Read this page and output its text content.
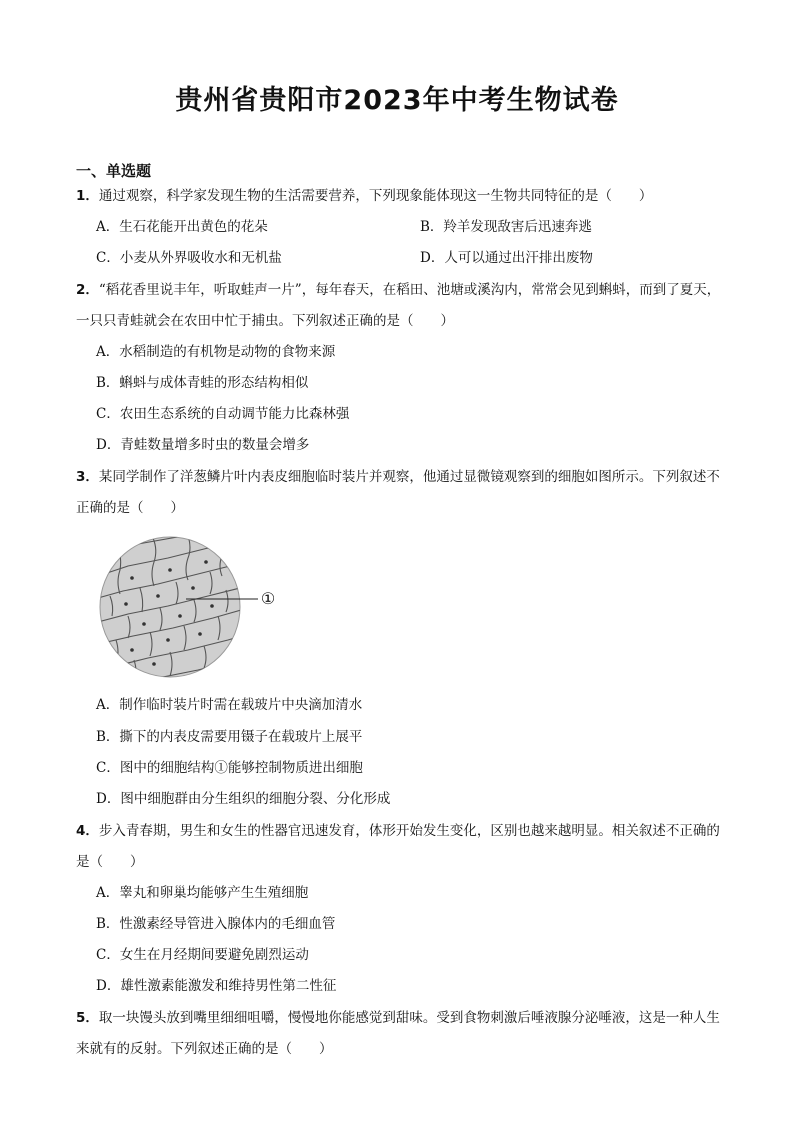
贵州省贵阳市2023年中考生物试卷
一、单选题
1．通过观察，科学家发现生物的生活需要营养，下列现象能体现这一生物共同特征的是（　　）
A．生石花能开出黄色的花朵	B．羚羊发现敌害后迅速奔逃
C．小麦从外界吸收水和无机盐	D．人可以通过出汗排出废物
2．“稻花香里说丰年，听取蛙声一片”，每年春天，在稻田、池塘或溪沟内，常常会见到蝌蚪，而到了夏天，一只只青蛙就会在农田中忙于捕虫。下列叙述正确的是（　　）
A．水稻制造的有机物是动物的食物来源
B．蝌蚪与成体青蛙的形态结构相似
C．农田生态系统的自动调节能力比森林强
D．青蛙数量增多时虫的数量会增多
3．某同学制作了洋葱鳞片叶内表皮细胞临时装片并观察，他通过显微镜观察到的细胞如图所示。下列叙述不正确的是（　　）
①
A．制作临时装片时需在载玻片中央滴加清水
B．撕下的内表皮需要用镊子在载玻片上展平
C．图中的细胞结构①能够控制物质进出细胞
D．图中细胞群由分生组织的细胞分裂、分化形成
4．步入青春期，男生和女生的性器官迅速发育，体形开始发生变化，区别也越来越明显。相关叙述不正确的是（　　）
A．睾丸和卵巢均能够产生生殖细胞
B．性激素经导管进入腺体内的毛细血管
C．女生在月经期间要避免剧烈运动
D．雄性激素能激发和维持男性第二性征
5．取一块馒头放到嘴里细细咀嚼，慢慢地你能感觉到甜味。受到食物刺激后唾液腺分泌唾液，这是一种人生来就有的反射。下列叙述正确的是（　　）
